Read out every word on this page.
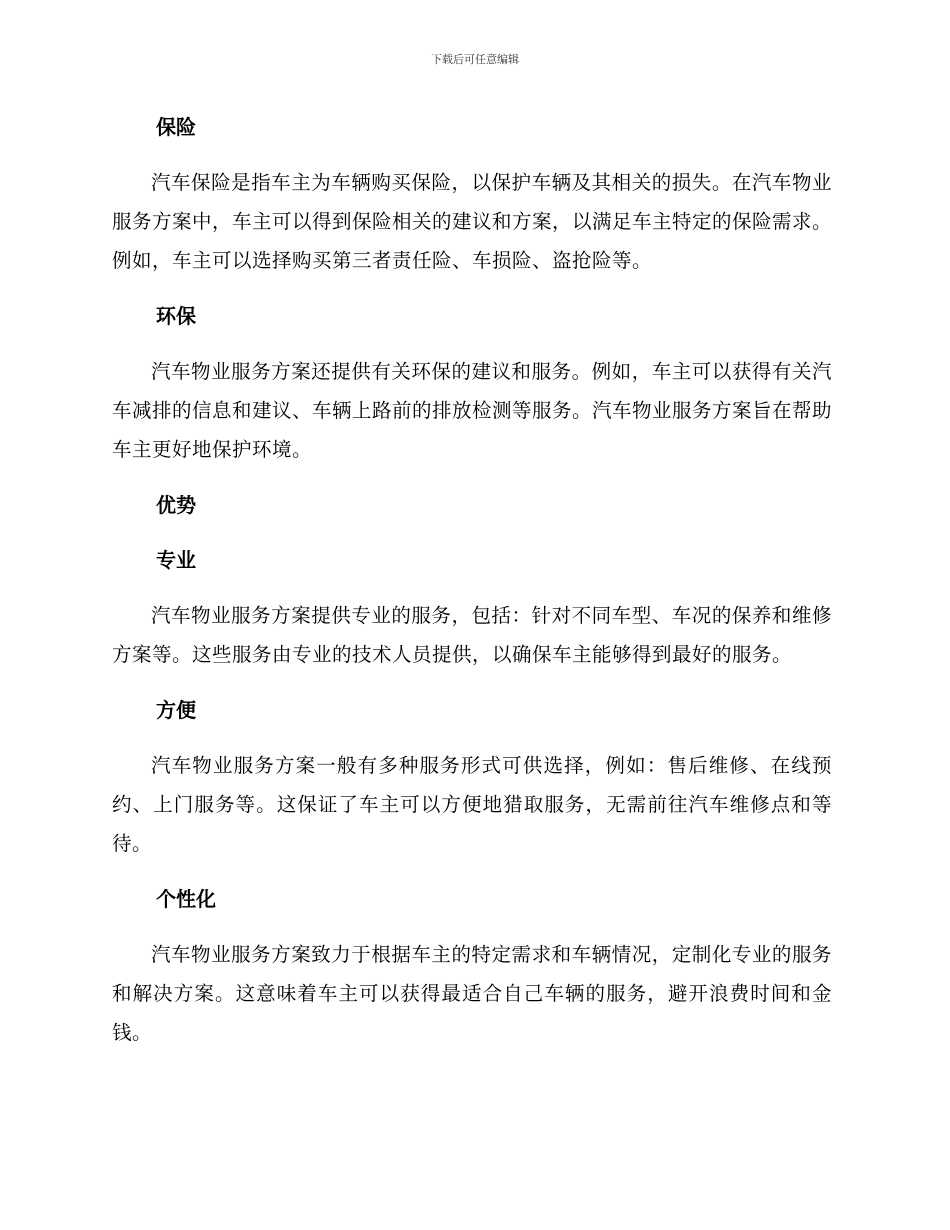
下载后可任意编辑
保险

汽车保险是指车主为车辆购买保险，以保护车辆及其相关的损失。在汽车物业服务方案中，车主可以得到保险相关的建议和方案，以满足车主特定的保险需求。例如，车主可以选择购买第三者责任险、车损险、盗抢险等。

环保

汽车物业服务方案还提供有关环保的建议和服务。例如，车主可以获得有关汽车减排的信息和建议、车辆上路前的排放检测等服务。汽车物业服务方案旨在帮助车主更好地保护环境。

优势
专业

汽车物业服务方案提供专业的服务，包括：针对不同车型、车况的保养和维修方案等。这些服务由专业的技术人员提供，以确保车主能够得到最好的服务。

方便

汽车物业服务方案一般有多种服务形式可供选择，例如：售后维修、在线预约、上门服务等。这保证了车主可以方便地猎取服务，无需前往汽车维修点和等待。

个性化

汽车物业服务方案致力于根据车主的特定需求和车辆情况，定制化专业的服务和解决方案。这意味着车主可以获得最适合自己车辆的服务，避开浪费时间和金钱。
